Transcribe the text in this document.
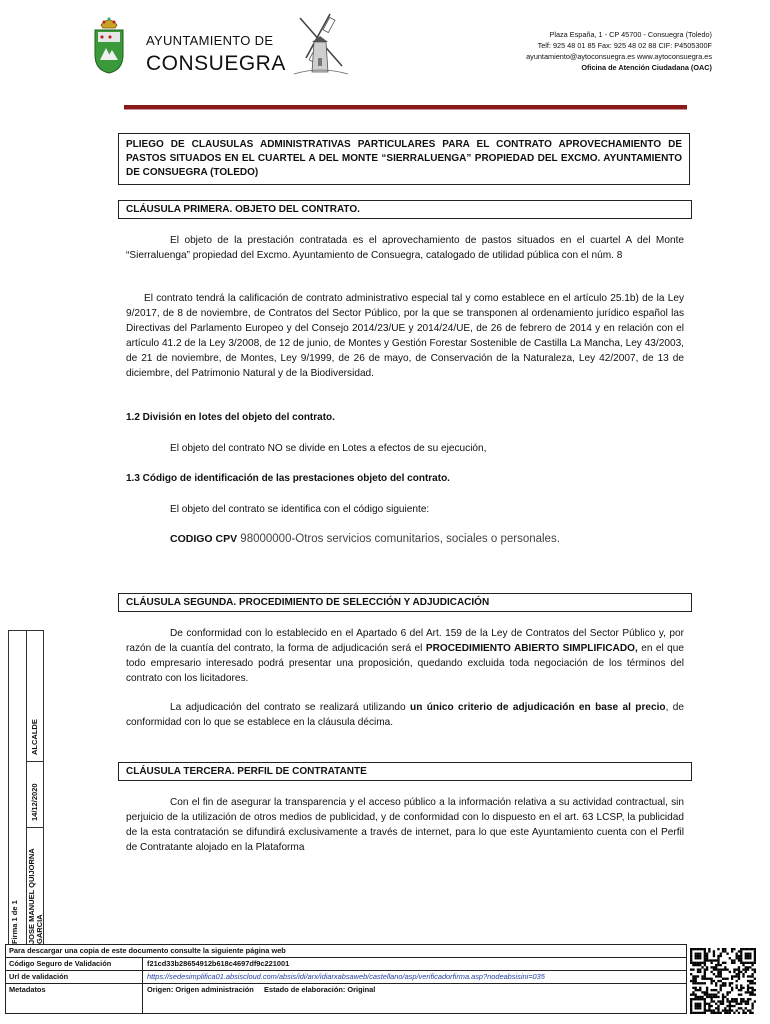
AYUNTAMIENTO DE
CONSUEGRA
Plaza España, 1 - CP 45700 - Consuegra (Toledo)
Telf: 925 48 01 85 Fax: 925 48 02 88 CIF: P4505300F
ayuntamiento@aytoconsuegra.es www.aytoconsuegra.es
Oficina de Atención Ciudadana (OAC)
PLIEGO DE CLAUSULAS ADMINISTRATIVAS PARTICULARES PARA EL CONTRATO APROVECHAMIENTO DE PASTOS SITUADOS EN EL CUARTEL A DEL MONTE “SIERRALUENGA” PROPIEDAD DEL EXCMO. AYUNTAMIENTO DE CONSUEGRA (TOLEDO)
CLÁUSULA PRIMERA. OBJETO DEL CONTRATO.
El objeto de la prestación contratada es el aprovechamiento de pastos situados en el cuartel A del Monte “Sierraluenga” propiedad del Excmo. Ayuntamiento de Consuegra, catalogado de utilidad pública con el núm. 8
El contrato tendrá la calificación de contrato administrativo especial tal y como establece en el artículo 25.1b) de la Ley 9/2017, de 8 de noviembre, de Contratos del Sector Público, por la que se transponen al ordenamiento jurídico español las Directivas del Parlamento Europeo y del Consejo 2014/23/UE y 2014/24/UE, de 26 de febrero de 2014 y en relación con el artículo 41.2 de la Ley 3/2008, de 12 de junio, de Montes y Gestión Forestar Sostenible de Castilla La Mancha, Ley 43/2003, de 21 de noviembre, de Montes, Ley 9/1999, de 26 de mayo, de Conservación de la Naturaleza, Ley 42/2007, de 13 de diciembre, del Patrimonio Natural y de la Biodiversidad.
1.2 División en lotes del objeto del contrato.
El objeto del contrato NO se divide en Lotes a efectos de su ejecución,
1.3 Código de identificación de las prestaciones objeto del contrato.
El objeto del contrato se identifica con el código siguiente:
CODIGO CPV 98000000-Otros servicios comunitarios, sociales o personales.
CLÁUSULA SEGUNDA. PROCEDIMIENTO DE SELECCIÓN Y ADJUDICACIÓN
De conformidad con lo establecido en el Apartado 6 del Art. 159 de la Ley de Contratos del Sector Público y, por razón de la cuantía del contrato, la forma de adjudicación será el PROCEDIMIENTO ABIERTO SIMPLIFICADO, en el que todo empresario interesado podrá presentar una proposición, quedando excluida toda negociación de los términos del contrato con los licitadores.
La adjudicación del contrato se realizará utilizando un único criterio de adjudicación en base al precio, de conformidad con lo que se establece en la cláusula décima.
CLÁUSULA TERCERA. PERFIL DE CONTRATANTE
Con el fin de asegurar la transparencia y el acceso público a la información relativa a su actividad contractual, sin perjuicio de la utilización de otros medios de publicidad, y de conformidad con lo dispuesto en el art. 63 LCSP, la publicidad de la esta contratación se difundirá exclusivamente a través de internet, para lo que este Ayuntamiento cuenta con el Perfil de Contratante alojado en la Plataforma
Firma 1 de 1 JOSE MANUEL QUIJORNA GARCIA
14/12/2020
ALCALDE
Para descargar una copia de este documento consulte la siguiente página web
Código Seguro de Validación	f21cd33b28654912b618c4697df9c221001
Url de validación	https://sedesimplifica01.absiscloud.com/absis/idi/arx/idiarxabsaweb/castellano/asp/verificadorfirma.asp?nodeabsisini=035
Metadatos	Origen: Origen administración     Estado de elaboración: Original
